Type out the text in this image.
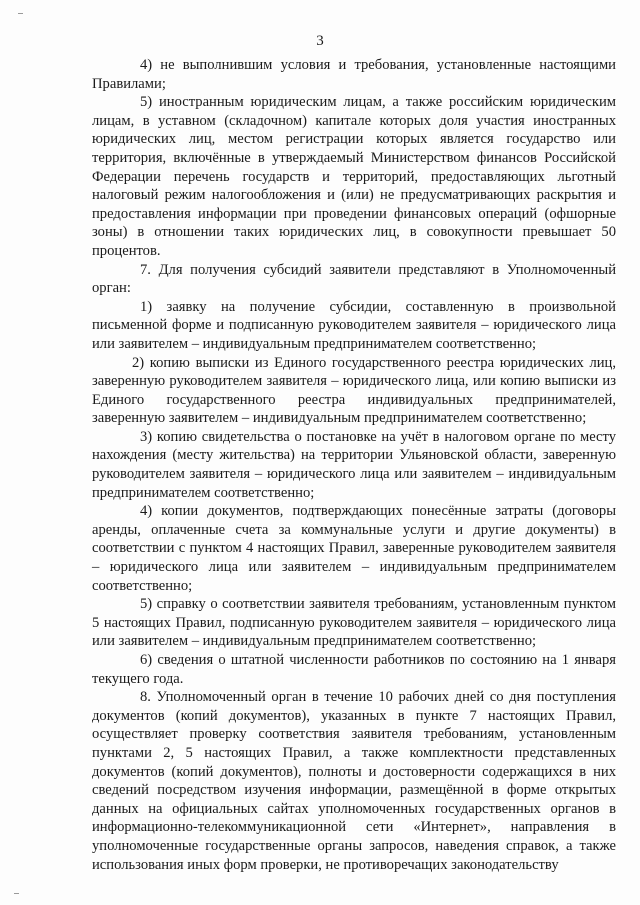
3

4) не выполнившим условия и требования, установленные настоящими Правилами;

5) иностранным юридическим лицам, а также российским юридическим лицам, в уставном (складочном) капитале которых доля участия иностранных юридических лиц, местом регистрации которых является государство или территория, включённые в утверждаемый Министерством финансов Российской Федерации перечень государств и территорий, предоставляющих льготный налоговый режим налогообложения и (или) не предусматривающих раскрытия и предоставления информации при проведении финансовых операций (офшорные зоны) в отношении таких юридических лиц, в совокупности превышает 50 процентов.

7. Для получения субсидий заявители представляют в Уполномоченный орган:

1) заявку на получение субсидии, составленную в произвольной письменной форме и подписанную руководителем заявителя – юридического лица или заявителем – индивидуальным предпринимателем соответственно;

2) копию выписки из Единого государственного реестра юридических лиц, заверенную руководителем заявителя – юридического лица, или копию выписки из Единого государственного реестра индивидуальных предпринимателей, заверенную заявителем – индивидуальным предпринимателем соответственно;

3) копию свидетельства о постановке на учёт в налоговом органе по месту нахождения (месту жительства) на территории Ульяновской области, заверенную руководителем заявителя – юридического лица или заявителем – индивидуальным предпринимателем соответственно;

4) копии документов, подтверждающих понесённые затраты (договоры аренды, оплаченные счета за коммунальные услуги и другие документы) в соответствии с пунктом 4 настоящих Правил, заверенные руководителем заявителя – юридического лица или заявителем – индивидуальным предпринимателем соответственно;

5) справку о соответствии заявителя требованиям, установленным пунктом 5 настоящих Правил, подписанную руководителем заявителя – юридического лица или заявителем – индивидуальным предпринимателем соответственно;

6) сведения о штатной численности работников по состоянию на 1 января текущего года.

8. Уполномоченный орган в течение 10 рабочих дней со дня поступления документов (копий документов), указанных в пункте 7 настоящих Правил, осуществляет проверку соответствия заявителя требованиям, установленным пунктами 2, 5 настоящих Правил, а также комплектности представленных документов (копий документов), полноты и достоверности содержащихся в них сведений посредством изучения информации, размещённой в форме открытых данных на официальных сайтах уполномоченных государственных органов в информационно-телекоммуникационной сети «Интернет», направления в уполномоченные государственные органы запросов, наведения справок, а также использования иных форм проверки, не противоречащих законодательству
